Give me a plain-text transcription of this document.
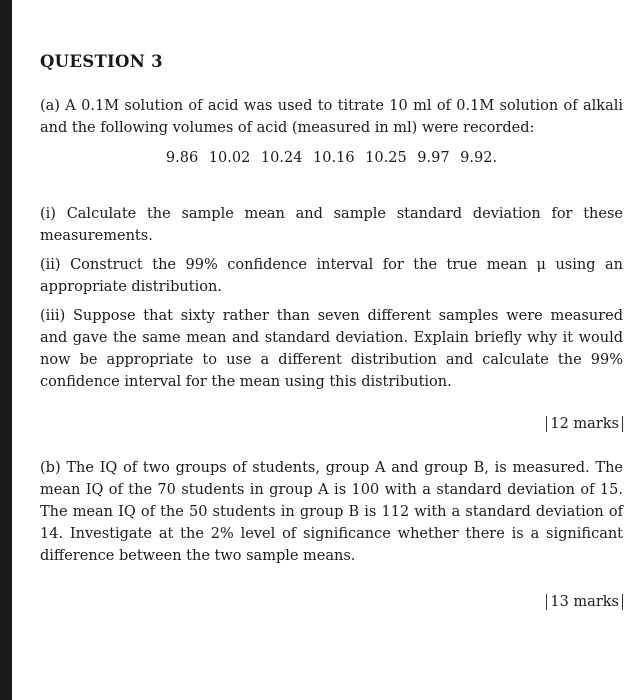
QUESTION 3

(a) A 0.1M solution of acid was used to titrate 10 ml of 0.1M solution of alkali and the following volumes of acid (measured in ml) were recorded:

9.86 10.02 10.24 10.16 10.25 9.97 9.92.

(i) Calculate the sample mean and sample standard deviation for these measurements.

(ii) Construct the 99% confidence interval for the true mean μ using an appropriate distribution.

(iii) Suppose that sixty rather than seven different samples were measured and gave the same mean and standard deviation. Explain briefly why it would now be appropriate to use a different distribution and calculate the 99% confidence interval for the mean using this distribution.

12 marks

(b) The IQ of two groups of students, group A and group B, is measured. The mean IQ of the 70 students in group A is 100 with a standard deviation of 15. The mean IQ of the 50 students in group B is 112 with a standard deviation of 14. Investigate at the 2% level of significance whether there is a significant difference between the two sample means.

13 marks
